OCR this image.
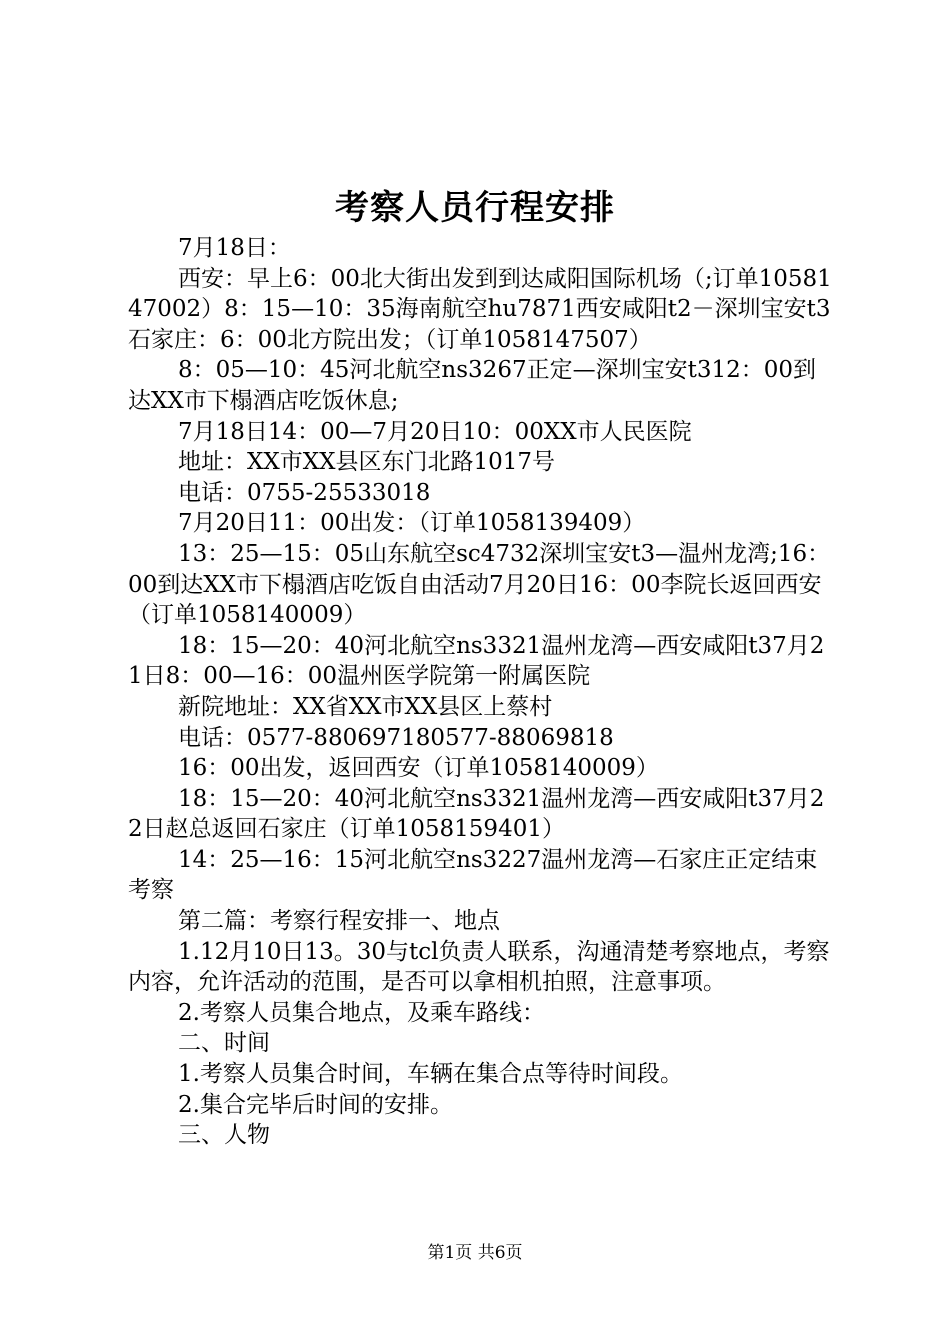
考察人员行程安排

7月18日：

西安：早上6：00北大街出发到到达咸阳国际机场（;订单1058147002）8：15—10：35海南航空hu7871西安咸阳t2－深圳宝安t3石家庄：6：00北方院出发；（订单1058147507）

8：05—10：45河北航空ns3267正定—深圳宝安t312：00到达XX市下榻酒店吃饭休息;

7月18日14：00—7月20日10：00XX市人民医院

地址：XX市XX县区东门北路1017号

电话：0755-25533018

7月20日11：00出发：（订单1058139409）

13：25—15：05山东航空sc4732深圳宝安t3—温州龙湾;16：00到达XX市下榻酒店吃饭自由活动7月20日16：00李院长返回西安（订单1058140009）

18：15—20：40河北航空ns3321温州龙湾—西安咸阳t37月21日8：00—16：00温州医学院第一附属医院

新院地址：XX省XX市XX县区上蔡村

电话：0577-880697180577-88069818

16：00出发，返回西安（订单1058140009）

18：15—20：40河北航空ns3321温州龙湾—西安咸阳t37月22日赵总返回石家庄（订单1058159401）

14：25—16：15河北航空ns3227温州龙湾—石家庄正定结束考察

第二篇：考察行程安排一、地点

1.12月10日13。30与tcl负责人联系，沟通清楚考察地点，考察内容，允许活动的范围，是否可以拿相机拍照，注意事项。

2.考察人员集合地点，及乘车路线：

二、时间

1.考察人员集合时间，车辆在集合点等待时间段。

2.集合完毕后时间的安排。

三、人物

第1页 共6页
